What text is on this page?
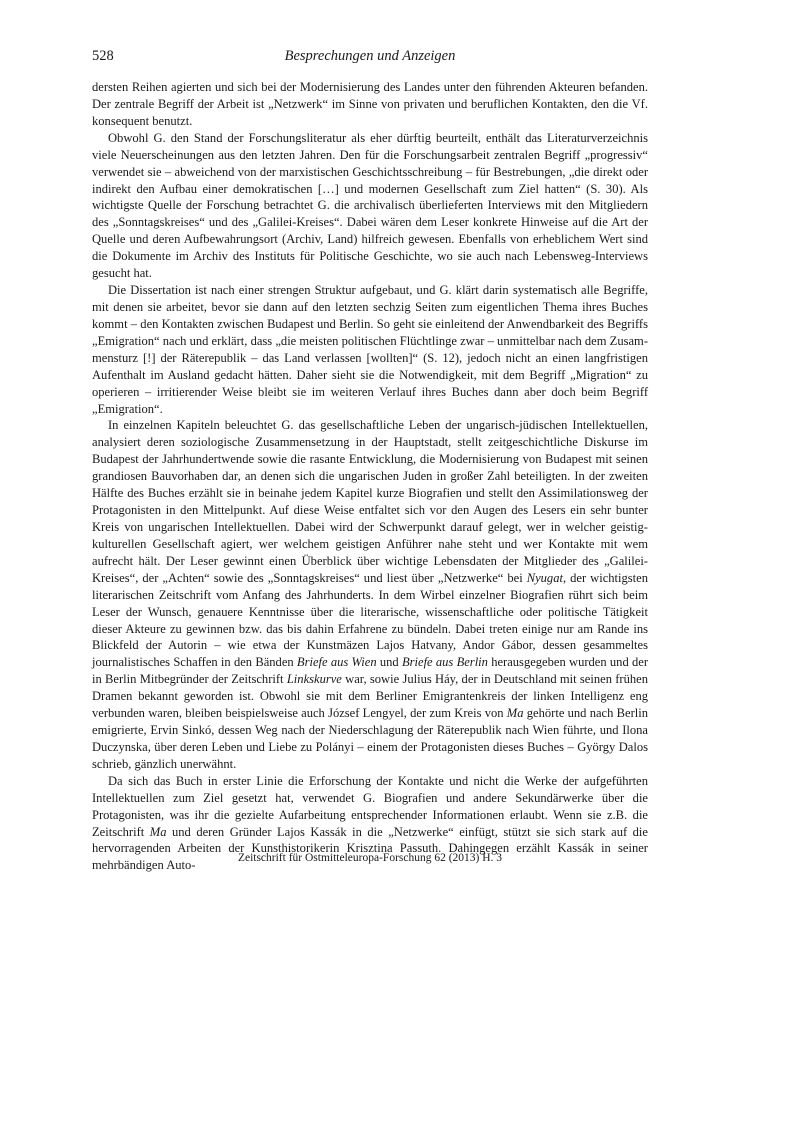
528	Besprechungen und Anzeigen

dersten Reihen agierten und sich bei der Modernisierung des Landes unter den führenden Akteuren befanden. Der zentrale Begriff der Arbeit ist „Netzwerk“ im Sinne von privaten und beruflichen Kontakten, den die Vf. konsequent benutzt.

Obwohl G. den Stand der Forschungsliteratur als eher dürftig beurteilt, enthält das Literaturverzeichnis viele Neuerscheinungen aus den letzten Jahren. Den für die Forschungsarbeit zentralen Begriff „progressiv“ verwendet sie – abweichend von der marxistischen Geschichtsschreibung – für Bestrebungen, „die direkt oder indirekt den Aufbau einer demokratischen […] und modernen Gesellschaft zum Ziel hatten“ (S. 30). Als wichtigste Quelle der Forschung betrachtet G. die archivalisch überlieferten Interviews mit den Mitgliedern des „Sonntagskreises“ und des „Galilei-Kreises“. Dabei wären dem Leser konkrete Hinweise auf die Art der Quelle und deren Aufbewahrungsort (Archiv, Land) hilfreich gewesen. Ebenfalls von erheblichem Wert sind die Dokumente im Archiv des Instituts für Politische Geschichte, wo sie auch nach Lebensweg-Interviews gesucht hat.

Die Dissertation ist nach einer strengen Struktur aufgebaut, und G. klärt darin systematisch alle Begriffe, mit denen sie arbeitet, bevor sie dann auf den letzten sechzig Seiten zum eigentlichen Thema ihres Buches kommt – den Kontakten zwischen Budapest und Berlin. So geht sie einleitend der Anwendbarkeit des Begriffs „Emigration“ nach und erklärt, dass „die meisten politischen Flüchtlinge zwar – unmittelbar nach dem Zusammensturz [!] der Räterepublik – das Land verlassen [wollten]“ (S. 12), jedoch nicht an einen langfristigen Aufenthalt im Ausland gedacht hätten. Daher sieht sie die Notwendigkeit, mit dem Begriff „Migration“ zu operieren – irritierender Weise bleibt sie im weiteren Verlauf ihres Buches dann aber doch beim Begriff „Emigration“.

In einzelnen Kapiteln beleuchtet G. das gesellschaftliche Leben der ungarisch-jüdischen Intellektuellen, analysiert deren soziologische Zusammensetzung in der Hauptstadt, stellt zeitgeschichtliche Diskurse im Budapest der Jahrhundertwende sowie die rasante Entwicklung, die Modernisierung von Budapest mit seinen grandiosen Bauvorhaben dar, an denen sich die ungarischen Juden in großer Zahl beteiligten. In der zweiten Hälfte des Buches erzählt sie in beinahe jedem Kapitel kurze Biografien und stellt den Assimilationsweg der Protagonisten in den Mittelpunkt. Auf diese Weise entfaltet sich vor den Augen des Lesers ein sehr bunter Kreis von ungarischen Intellektuellen. Dabei wird der Schwerpunkt darauf gelegt, wer in welcher geistig-kulturellen Gesellschaft agiert, wer welchem geistigen Anführer nahe steht und wer Kontakte mit wem aufrecht hält. Der Leser gewinnt einen Überblick über wichtige Lebensdaten der Mitglieder des „Galilei-Kreises“, der „Achten“ sowie des „Sonntagskreises“ und liest über „Netzwerke“ bei Nyugat, der wichtigsten literarischen Zeitschrift vom Anfang des Jahrhunderts. In dem Wirbel einzelner Biografien rührt sich beim Leser der Wunsch, genauere Kenntnisse über die literarische, wissenschaftliche oder politische Tätigkeit dieser Akteure zu gewinnen bzw. das bis dahin Erfahrene zu bündeln. Dabei treten einige nur am Rande ins Blickfeld der Autorin – wie etwa der Kunstmäzen Lajos Hatvany, Andor Gábor, dessen gesammeltes journalistisches Schaffen in den Bänden Briefe aus Wien und Briefe aus Berlin herausgegeben wurden und der in Berlin Mitbegründer der Zeitschrift Linkskurve war, sowie Julius Háy, der in Deutschland mit seinen frühen Dramen bekannt geworden ist. Obwohl sie mit dem Berliner Emigrantenkreis der linken Intelligenz eng verbunden waren, bleiben beispielsweise auch József Lengyel, der zum Kreis von Ma gehörte und nach Berlin emigrierte, Ervin Sinkó, dessen Weg nach der Niederschlagung der Räterepublik nach Wien führte, und Ilona Duczynska, über deren Leben und Liebe zu Polányi – einem der Protagonisten dieses Buches – György Dalos schrieb, gänzlich unerwähnt.

Da sich das Buch in erster Linie die Erforschung der Kontakte und nicht die Werke der aufgeführten Intellektuellen zum Ziel gesetzt hat, verwendet G. Biografien und andere Sekundärwerke über die Protagonisten, was ihr die gezielte Aufarbeitung entsprechender Informationen erlaubt. Wenn sie z.B. die Zeitschrift Ma und deren Gründer Lajos Kassák in die „Netzwerke“ einfügt, stützt sie sich stark auf die hervorragenden Arbeiten der Kunsthistorikerin Krisztina Passuth. Dahingegen erzählt Kassák in seiner mehrbändigen Auto-

Zeitschrift für Ostmitteleuropa-Forschung 62 (2013) H. 3
